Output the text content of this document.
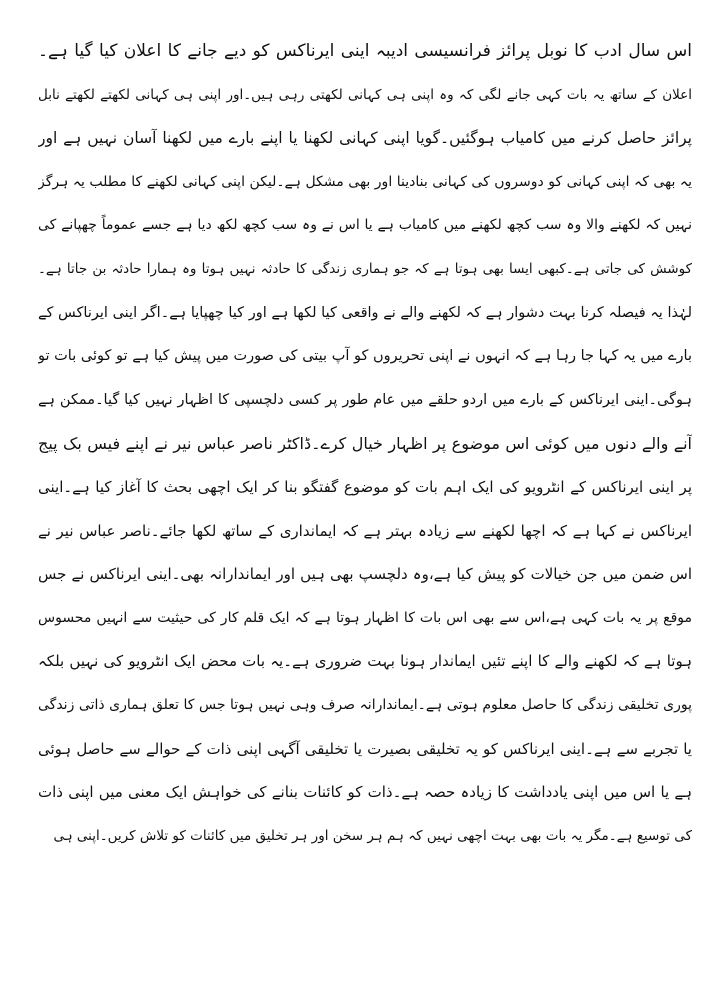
اس سال ادب کا نوبل پرائز فرانسیسی ادیبہ اینی ایرناکس کو دیے جانے کا اعلان کیا گیا ہے۔
اعلان کے ساتھ یہ بات کہی جانے لگی کہ وہ اپنی ہی کہانی لکھتی رہی ہیں۔اور اپنی ہی کہانی لکھتے لکھتے نابل
پرائز حاصل کرنے میں کامیاب ہوگئیں۔گویا اپنی کہانی لکھنا یا اپنے بارے میں لکھنا آسان نہیں ہے اور
یہ بھی کہ اپنی کہانی کو دوسروں کی کہانی بنادینا اور بھی مشکل ہے۔لیکن اپنی کہانی لکھنے کا مطلب یہ ہرگز
نہیں کہ لکھنے والا وہ سب کچھ لکھنے میں کامیاب ہے یا اس نے وہ سب کچھ لکھ دیا ہے جسے عموماً چھپانے کی
کوشش کی جاتی ہے۔کبھی ایسا بھی ہوتا ہے کہ جو ہماری زندگی کا حادثہ نہیں ہوتا وہ ہمارا حادثہ بن جاتا ہے۔
لہٰذا یہ فیصلہ کرنا بہت دشوار ہے کہ لکھنے والے نے واقعی کیا لکھا ہے اور کیا چھپایا ہے۔اگر اینی ایرناکس کے
بارے میں یہ کہا جا رہا ہے کہ انہوں نے اپنی تحریروں کو آپ بیتی کی صورت میں پیش کیا ہے تو کوئی بات تو
ہوگی۔اینی ایرناکس کے بارے میں اردو حلقے میں عام طور پر کسی دلچسپی کا اظہار نہیں کیا گیا۔ممکن ہے
آنے والے دنوں میں کوئی اس موضوع پر اظہار خیال کرے۔ڈاکٹر ناصر عباس نیر نے اپنے فیس بک پیج
پر اینی ایرناکس کے انٹرویو کی ایک اہم بات کو موضوع گفتگو بنا کر ایک اچھی بحث کا آغاز کیا ہے۔اینی
ایرناکس نے کہا ہے کہ اچھا لکھنے سے زیادہ بہتر ہے کہ ایمانداری کے ساتھ لکھا جائے۔ناصر عباس نیر نے
اس ضمن میں جن خیالات کو پیش کیا ہے،وہ دلچسپ بھی ہیں اور ایماندارانہ بھی۔اینی ایرناکس نے جس
موقع پر یہ بات کہی ہے،اس سے بھی اس بات کا اظہار ہوتا ہے کہ ایک قلم کار کی حیثیت سے انہیں محسوس
ہوتا ہے کہ لکھنے والے کا اپنے تئیں ایماندار ہونا بہت ضروری ہے۔یہ بات محض ایک انٹرویو کی نہیں بلکہ
پوری تخلیقی زندگی کا حاصل معلوم ہوتی ہے۔ایماندارانہ صرف وہی نہیں ہوتا جس کا تعلق ہماری ذاتی زندگی
یا تجربے سے ہے۔اینی ایرناکس کو یہ تخلیقی بصیرت یا تخلیقی آگہی اپنی ذات کے حوالے سے حاصل ہوئی
ہے یا اس میں اپنی یادداشت کا زیادہ حصہ ہے۔ذات کو کائنات بنانے کی خواہش ایک معنی میں اپنی ذات
کی توسیع ہے۔مگر یہ بات بھی بہت اچھی نہیں کہ ہم ہر سخن اور ہر تخلیق میں کائنات کو تلاش کریں۔اپنی ہی
